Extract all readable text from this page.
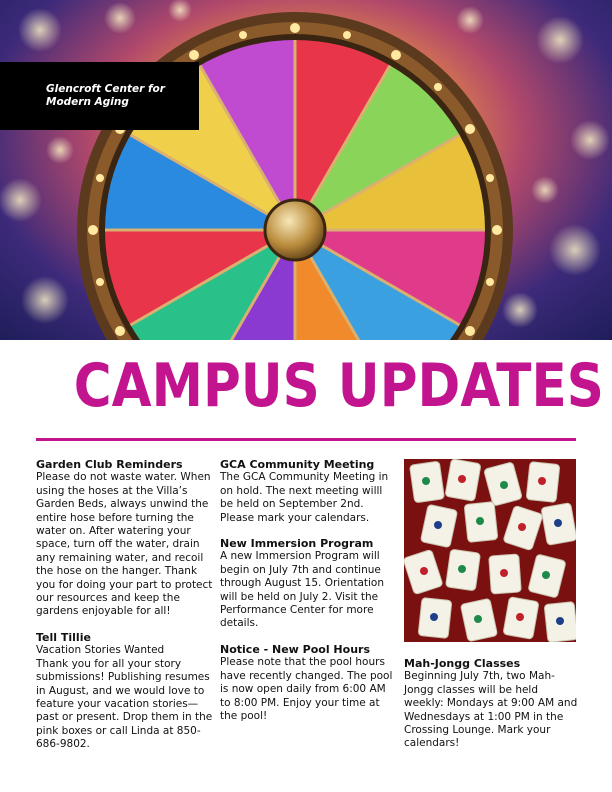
Glencroft Center for
Modern Aging
CAMPUS UPDATES

Garden Club Reminders

Please do not waste water. When using the hoses at the Villa’s Garden Beds, always unwind the entire hose before turning the water on. After watering your space, turn off the water, drain any remaining water, and recoil the hose on the hanger. Thank you for doing your part to protect our resources and keep the gardens enjoyable for all!

Tell Tillie

Vacation Stories Wanted

Thank you for all your story submissions! Publishing resumes in August, and we would love to feature your vacation stories—past or present. Drop them in the pink boxes or call Linda at 850-686-9802.

GCA Community Meeting

The GCA Community Meeting in on hold. The next meeting willl be held on September 2nd. Please mark your calendars.

New Immersion Program

A new Immersion Program will begin on July 7th and continue through August 15. Orientation will be held on July 2. Visit the Performance Center for more details.

Notice - New Pool Hours

Please note that the pool hours have recently changed. The pool is now open daily from 6:00 AM to 8:00 PM. Enjoy your time at the pool!

Mah-Jongg Classes

Beginning July 7th, two Mah-Jongg classes will be held weekly: Mondays at 9:00 AM and Wednesdays at 1:00 PM in the Crossing Lounge. Mark your calendars!
